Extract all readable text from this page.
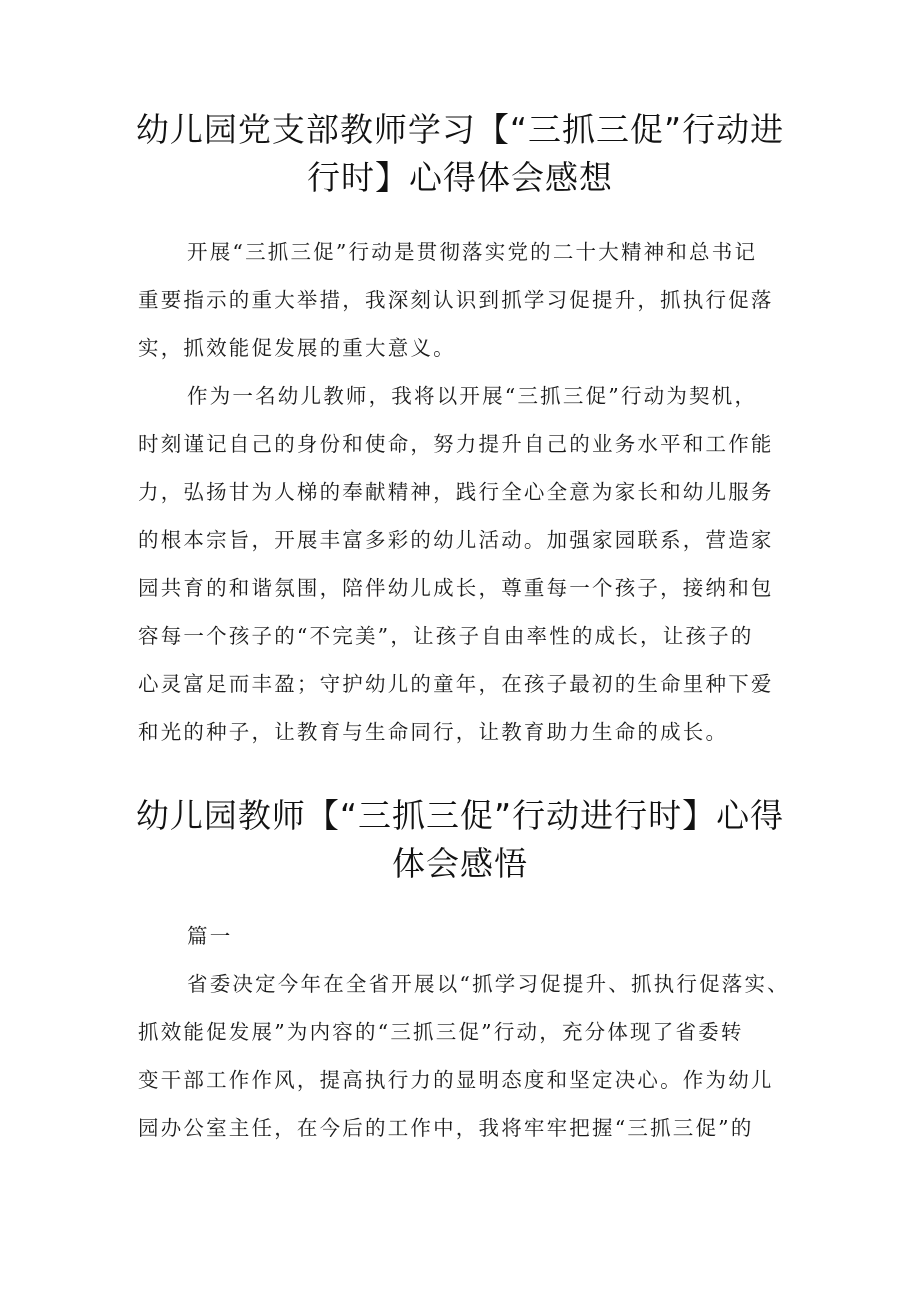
幼儿园党支部教师学习【“三抓三促”行动进
行时】心得体会感想
开展“三抓三促”行动是贯彻落实党的二十大精神和总书记
重要指示的重大举措，我深刻认识到抓学习促提升，抓执行促落
实，抓效能促发展的重大意义。
作为一名幼儿教师，我将以开展“三抓三促”行动为契机，
时刻谨记自己的身份和使命，努力提升自己的业务水平和工作能
力，弘扬甘为人梯的奉献精神，践行全心全意为家长和幼儿服务
的根本宗旨，开展丰富多彩的幼儿活动。加强家园联系，营造家
园共育的和谐氛围，陪伴幼儿成长，尊重每一个孩子，接纳和包
容每一个孩子的“不完美”，让孩子自由率性的成长，让孩子的
心灵富足而丰盈；守护幼儿的童年，在孩子最初的生命里种下爱
和光的种子，让教育与生命同行，让教育助力生命的成长。
幼儿园教师【“三抓三促”行动进行时】心得
体会感悟
篇一
省委决定今年在全省开展以“抓学习促提升、抓执行促落实、
抓效能促发展”为内容的“三抓三促”行动，充分体现了省委转
变干部工作作风，提高执行力的显明态度和坚定决心。作为幼儿
园办公室主任，在今后的工作中，我将牢牢把握“三抓三促”的
